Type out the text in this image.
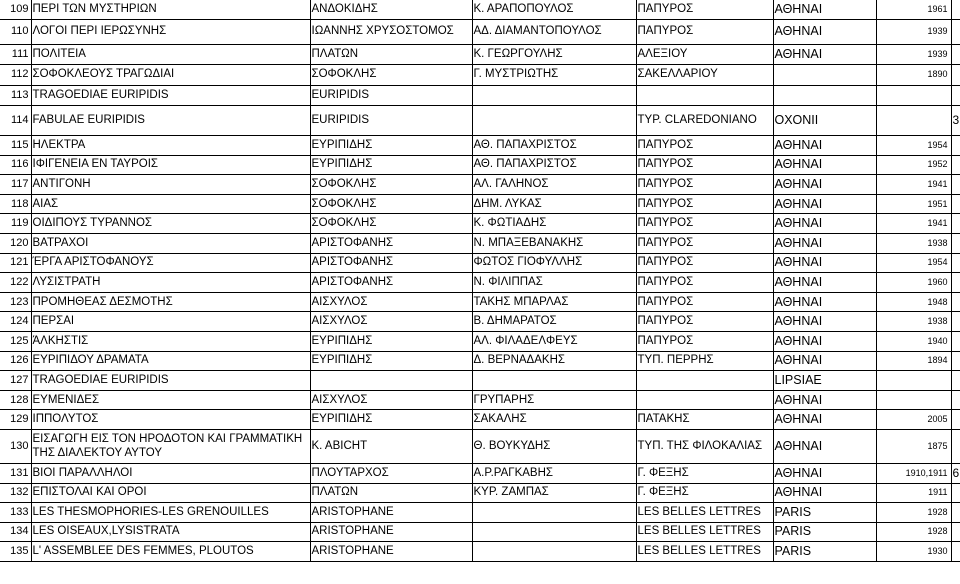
109	ΠΕΡΙ ΤΩΝ ΜΥΣΤΗΡΙΩΝ	ΑΝΔΟΚΙΔΗΣ	Κ. ΑΡΑΠΟΠΟΥΛΟΣ	ΠΑΠΥΡΟΣ	ΑΘΗΝΑΙ	1961	
110	ΛΟΓΟΙ ΠΕΡΙ ΙΕΡΩΣΥΝΗΣ	ΙΩΑΝΝΗΣ ΧΡΥΣΟΣΤΟΜΟΣ	ΑΔ. ΔΙΑΜΑΝΤΟΠΟΥΛΟΣ	ΠΑΠΥΡΟΣ	ΑΘΗΝΑΙ	1939	
111	ΠΟΛΙΤΕΙΑ	ΠΛΑΤΩΝ	Κ. ΓΕΩΡΓΟΥΛΗΣ	ΑΛΕΞΙΟΥ	ΑΘΗΝΑΙ	1939	
112	ΣΟΦΟΚΛΕΟΥΣ ΤΡΑΓΩΔΙΑΙ	ΣΟΦΟΚΛΗΣ	Γ. ΜΥΣΤΡΙΩΤΗΣ	ΣΑΚΕΛΛΑΡΙΟΥ		1890	
113	TRAGOEDIAE EURIPIDIS	EURIPIDIS					
114	FABULAE EURIPIDIS	EURIPIDIS		TYP. CLAREDONIANO	OXONII		3
115	ΗΛΕΚΤΡΑ	ΕΥΡΙΠΙΔΗΣ	ΑΘ. ΠΑΠΑΧΡΙΣΤΟΣ	ΠΑΠΥΡΟΣ	ΑΘΗΝΑΙ	1954	
116	ΙΦΙΓΕΝΕΙΑ ΕΝ ΤΑΥΡΟΙΣ	ΕΥΡΙΠΙΔΗΣ	ΑΘ. ΠΑΠΑΧΡΙΣΤΟΣ	ΠΑΠΥΡΟΣ	ΑΘΗΝΑΙ	1952	
117	ΑΝΤΙΓΟΝΗ	ΣΟΦΟΚΛΗΣ	ΑΛ. ΓΑΛΗΝΟΣ	ΠΑΠΥΡΟΣ	ΑΘΗΝΑΙ	1941	
118	ΑΙΑΣ	ΣΟΦΟΚΛΗΣ	ΔΗΜ. ΛΥΚΑΣ	ΠΑΠΥΡΟΣ	ΑΘΗΝΑΙ	1951	
119	ΟΙΔΙΠΟΥΣ ΤΥΡΑΝΝΟΣ	ΣΟΦΟΚΛΗΣ	Κ. ΦΩΤΙΑΔΗΣ	ΠΑΠΥΡΟΣ	ΑΘΗΝΑΙ	1941	
120	ΒΑΤΡΑΧΟΙ	ΑΡΙΣΤΟΦΑΝΗΣ	Ν. ΜΠΑΞΕΒΑΝΑΚΗΣ	ΠΑΠΥΡΟΣ	ΑΘΗΝΑΙ	1938	
121	ΈΡΓΑ ΑΡΙΣΤΟΦΑΝΟΥΣ	ΑΡΙΣΤΟΦΑΝΗΣ	ΦΩΤΟΣ ΓΙΟΦΥΛΛΗΣ	ΠΑΠΥΡΟΣ	ΑΘΗΝΑΙ	1954	
122	ΛΥΣΙΣΤΡΑΤΗ	ΑΡΙΣΤΟΦΑΝΗΣ	Ν. ΦΙΛΙΠΠΑΣ	ΠΑΠΥΡΟΣ	ΑΘΗΝΑΙ	1960	
123	ΠΡΟΜΗΘΕΑΣ ΔΕΣΜΟΤΗΣ	ΑΙΣΧΥΛΟΣ	ΤΑΚΗΣ ΜΠΑΡΛΑΣ	ΠΑΠΥΡΟΣ	ΑΘΗΝΑΙ	1948	
124	ΠΕΡΣΑΙ	ΑΙΣΧΥΛΟΣ	Β. ΔΗΜΑΡΑΤΟΣ	ΠΑΠΥΡΟΣ	ΑΘΗΝΑΙ	1938	
125	ΆΛΚΗΣΤΙΣ	ΕΥΡΙΠΙΔΗΣ	ΑΛ. ΦΙΛΑΔΕΛΦΕΥΣ	ΠΑΠΥΡΟΣ	ΑΘΗΝΑΙ	1940	
126	ΕΥΡΙΠΙΔΟΥ ΔΡΑΜΑΤΑ	ΕΥΡΙΠΙΔΗΣ	Δ. ΒΕΡΝΑΔΑΚΗΣ	ΤΥΠ. ΠΕΡΡΗΣ	ΑΘΗΝΑΙ	1894	
127	TRAGOEDIAE EURIPIDIS				LIPSIAE		
128	ΕΥΜΕΝΙΔΕΣ	ΑΙΣΧΥΛΟΣ	ΓΡΥΠΑΡΗΣ		ΑΘΗΝΑΙ		
129	ΙΠΠΟΛΥΤΟΣ	ΕΥΡΙΠΙΔΗΣ	ΣΑΚΑΛΗΣ	ΠΑΤΑΚΗΣ	ΑΘΗΝΑΙ	2005	
130	ΕΙΣΑΓΩΓΗ ΕΙΣ ΤΟΝ ΗΡΟΔΟΤΟΝ ΚΑΙ ΓΡΑΜΜΑΤΙΚΗ ΤΗΣ ΔΙΑΛΕΚΤΟΥ ΑΥΤΟΥ	Κ. ΑΒΙCHT	Θ. ΒΟΥΚΥΔΗΣ	ΤΥΠ. ΤΗΣ ΦΙΛΟΚΑΛΙΑΣ	ΑΘΗΝΑΙ	1875	
131	ΒΙΟΙ ΠΑΡΑΛΛΗΛΟΙ	ΠΛΟΥΤΑΡΧΟΣ	Α.Ρ.ΡΑΓΚΑΒΗΣ	Γ. ΦΕΞΗΣ	ΑΘΗΝΑΙ	1910,1911	6
132	ΕΠΙΣΤΟΛΑΙ ΚΑΙ ΟΡΟΙ	ΠΛΑΤΩΝ	ΚΥΡ. ΖΑΜΠΑΣ	Γ. ΦΕΞΗΣ	ΑΘΗΝΑΙ	1911	
133	LES THESMOPHORIES-LES GRENOUILLES	ARISTOPHANE		LES BELLES LETTRES	PARIS	1928	
134	LES OISEAUX,LYSISTRATA	ARISTOPHANE		LES BELLES LETTRES	PARIS	1928	
135	L' ASSEMBLEE DES FEMMES, PLOUTOS	ARISTOPHANE		LES BELLES LETTRES	PARIS	1930	
